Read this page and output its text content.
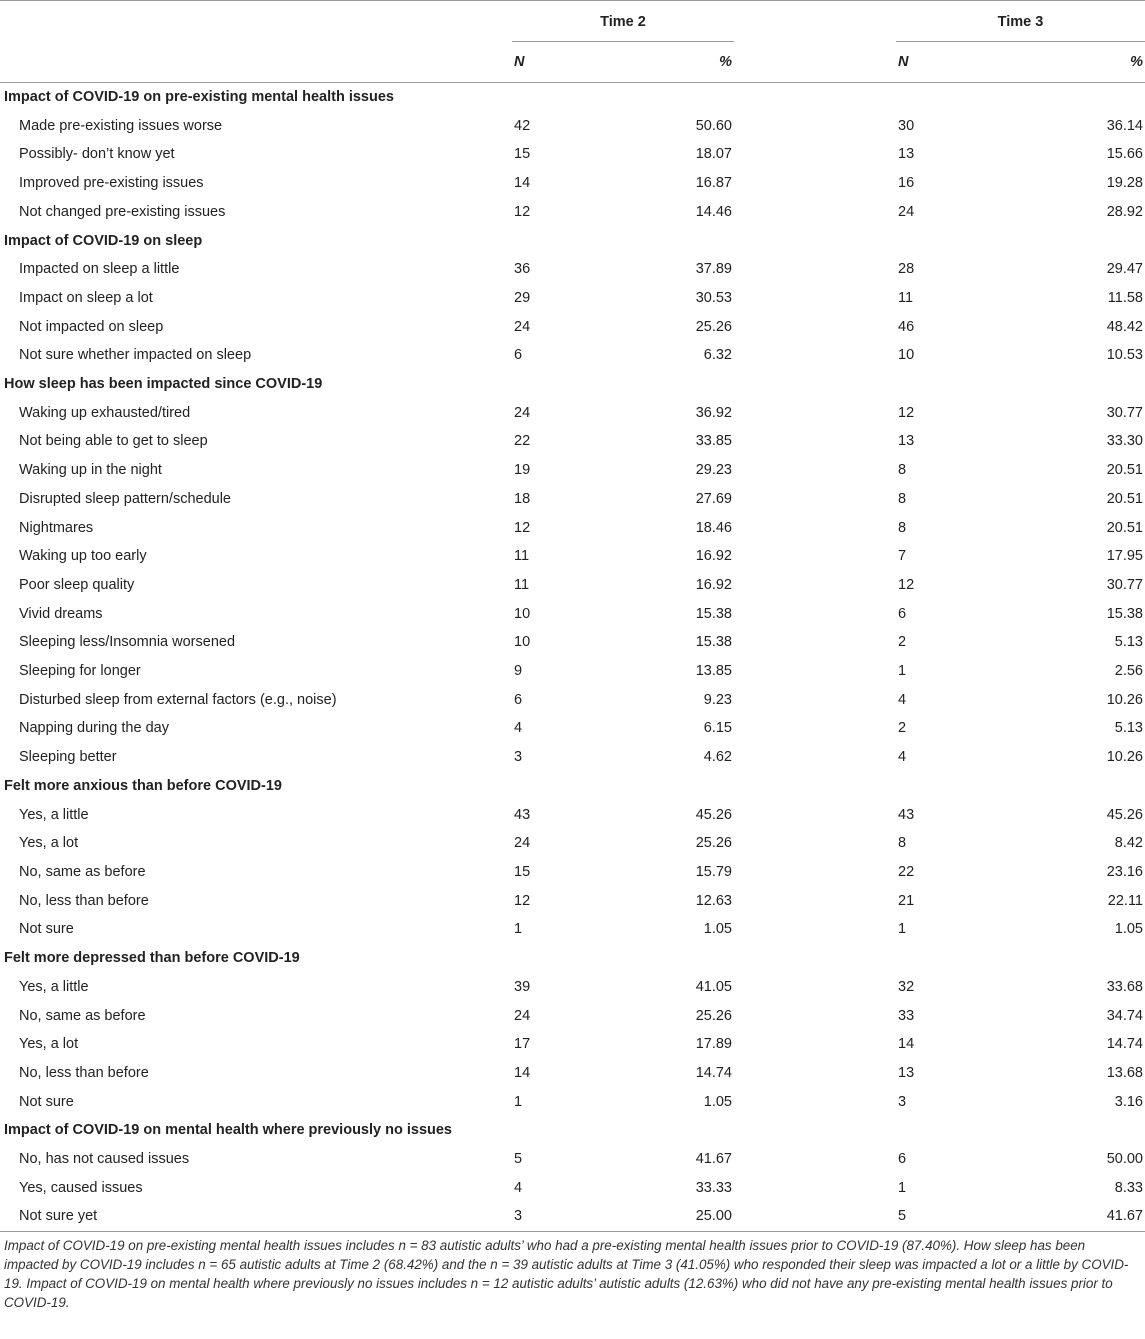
	Time 2			Time 3	
	N	%		N	%
Impact of COVID-19 on pre-existing mental health issues					
Made pre-existing issues worse	42	50.60		30	36.14
Possibly- don’t know yet	15	18.07		13	15.66
Improved pre-existing issues	14	16.87		16	19.28
Not changed pre-existing issues	12	14.46		24	28.92
Impact of COVID-19 on sleep					
Impacted on sleep a little	36	37.89		28	29.47
Impact on sleep a lot	29	30.53		11	11.58
Not impacted on sleep	24	25.26		46	48.42
Not sure whether impacted on sleep	6	6.32		10	10.53
How sleep has been impacted since COVID-19					
Waking up exhausted/tired	24	36.92		12	30.77
Not being able to get to sleep	22	33.85		13	33.30
Waking up in the night	19	29.23		8	20.51
Disrupted sleep pattern/schedule	18	27.69		8	20.51
Nightmares	12	18.46		8	20.51
Waking up too early	11	16.92		7	17.95
Poor sleep quality	11	16.92		12	30.77
Vivid dreams	10	15.38		6	15.38
Sleeping less/Insomnia worsened	10	15.38		2	5.13
Sleeping for longer	9	13.85		1	2.56
Disturbed sleep from external factors (e.g., noise)	6	9.23		4	10.26
Napping during the day	4	6.15		2	5.13
Sleeping better	3	4.62		4	10.26
Felt more anxious than before COVID-19					
Yes, a little	43	45.26		43	45.26
Yes, a lot	24	25.26		8	8.42
No, same as before	15	15.79		22	23.16
No, less than before	12	12.63		21	22.11
Not sure	1	1.05		1	1.05
Felt more depressed than before COVID-19					
Yes, a little	39	41.05		32	33.68
No, same as before	24	25.26		33	34.74
Yes, a lot	17	17.89		14	14.74
No, less than before	14	14.74		13	13.68
Not sure	1	1.05		3	3.16
Impact of COVID-19 on mental health where previously no issues					
No, has not caused issues	5	41.67		6	50.00
Yes, caused issues	4	33.33		1	8.33
Not sure yet	3	25.00		5	41.67
Impact of COVID-19 on pre-existing mental health issues includes n = 83 autistic adults’ who had a pre-existing mental health issues prior to COVID-19 (87.40%). How sleep has been impacted by COVID-19 includes n = 65 autistic adults at Time 2 (68.42%) and the n = 39 autistic adults at Time 3 (41.05%) who responded their sleep was impacted a lot or a little by COVID-19. Impact of COVID-19 on mental health where previously no issues includes n = 12 autistic adults’ autistic adults (12.63%) who did not have any pre-existing mental health issues prior to COVID-19.
